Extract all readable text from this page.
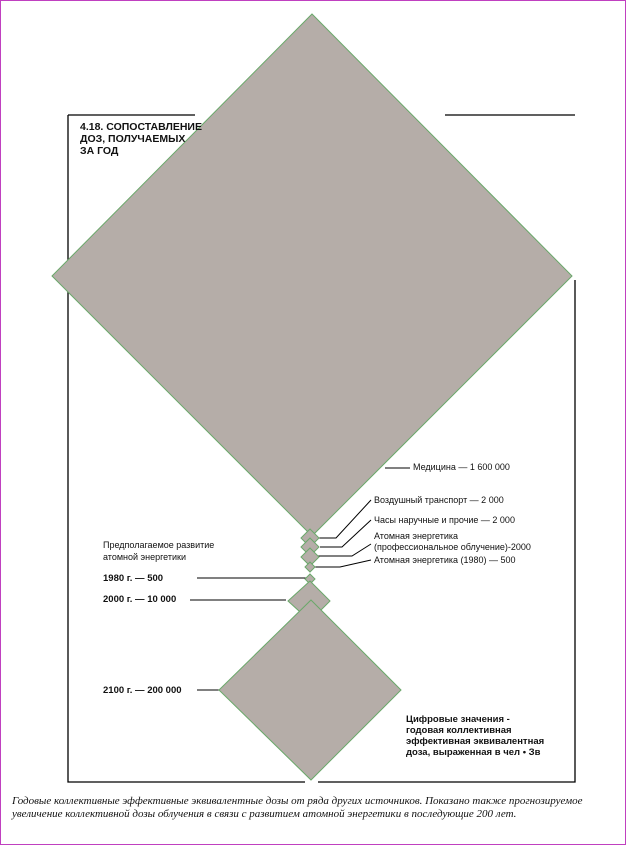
4.18. СОПОСТАВЛЕНИЕ
ДОЗ, ПОЛУЧАЕМЫХ
ЗА ГОД
Медицина — 1 600 000
Воздушный транспорт — 2 000
Часы наручные и прочие — 2 000
Атомная энергетика
(профессиональное облучение)-2000
Атомная энергетика (1980) — 500
Предполагаемое развитие
атомной энергетики
1980 г. — 500
2000 г. — 10 000
2100 г. — 200 000
Цифровые значения -
годовая коллективная
эффективная эквивалентная
доза, выраженная в чел • Зв
Годовые коллективные эффективные эквивалентные дозы от ряда других источников. Показано также прогнозируемое увеличение коллективной дозы облучения в связи с развитием атомной энергетики в последующие 200 лет.
